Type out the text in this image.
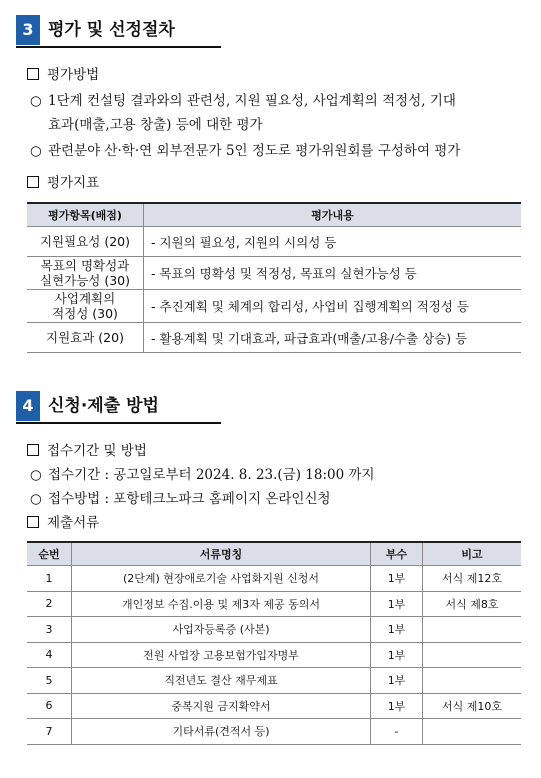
3 평가 및 선정절차
평가방법
○ 1단계 컨설팅 결과와의 관련성, 지원 필요성, 사업계획의 적정성, 기대
효과(매출,고용 창출) 등에 대한 평가
○ 관련분야 산·학·연 외부전문가 5인 정도로 평가위원회를 구성하여 평가
평가지표
평가항목(배점)	평가내용
지원필요성 (20)	- 지원의 필요성, 지원의 시의성 등
목표의 명확성과
실현가능성 (30)	- 목표의 명확성 및 적정성, 목표의 실현가능성 등
사업계획의
적정성 (30)	- 추진계획 및 체계의 합리성, 사업비 집행계획의 적정성 등
지원효과 (20)	- 활용계획 및 기대효과, 파급효과(매출/고용/수출 상승) 등
4 신청·제출 방법
접수기간 및 방법
○ 접수기간 : 공고일로부터 2024. 8. 23.(금) 18:00 까지
○ 접수방법 : 포항테크노파크 홈페이지 온라인신청
제출서류
순번	서류명칭	부수	비고
1	(2단계) 현장애로기술 사업화지원 신청서	1부	서식 제12호
2	개인정보 수집.이용 및 제3자 제공 동의서	1부	서식 제8호
3	사업자등록증 (사본)	1부	
4	전원 사업장 고용보험가입자명부	1부	
5	직전년도 결산 재무제표	1부	
6	중복지원 금지확약서	1부	서식 제10호
7	기타서류(견적서 등)	-	
